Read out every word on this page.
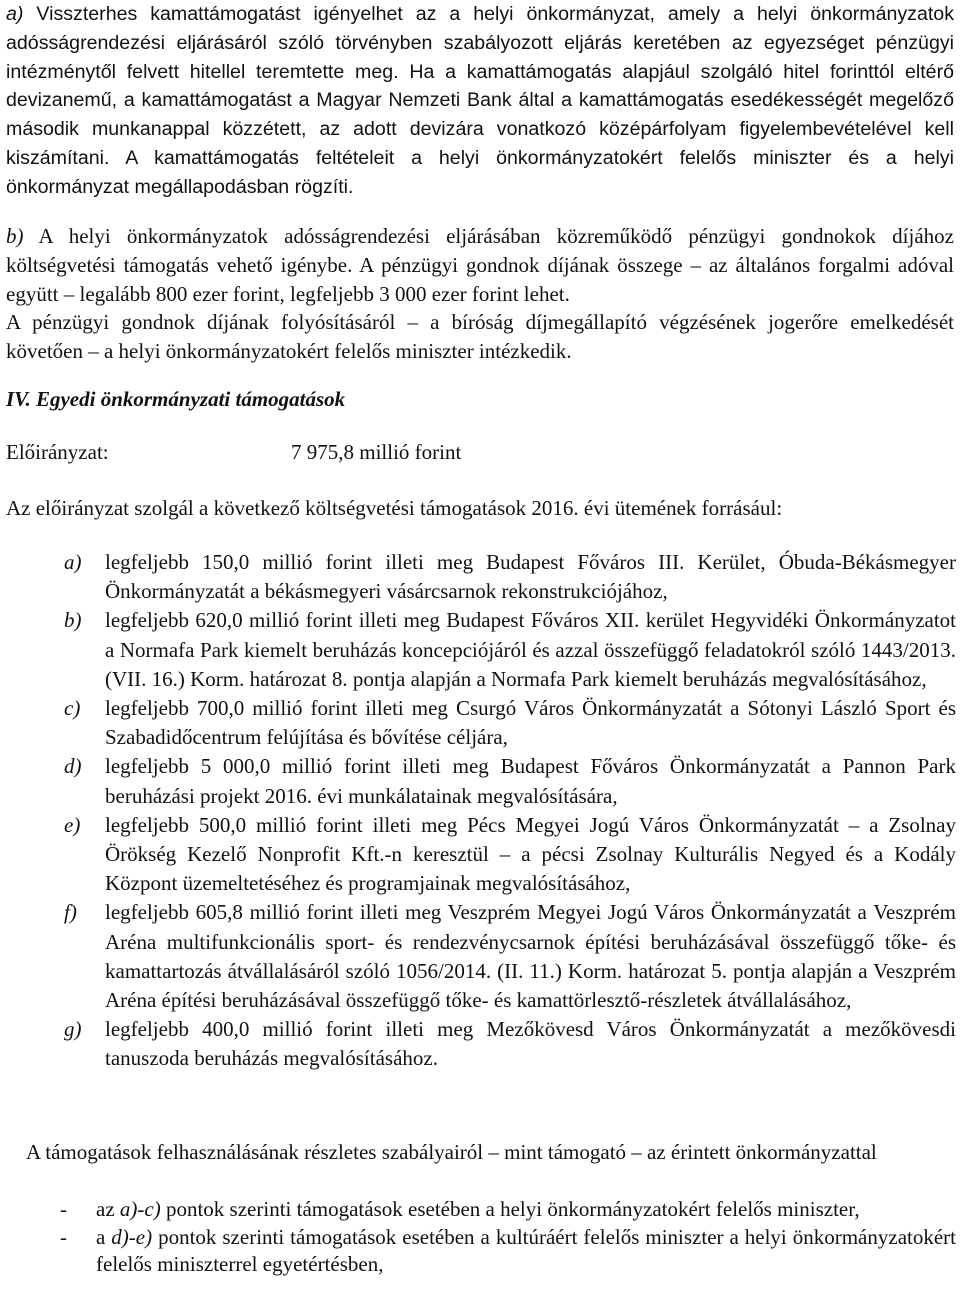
a) Visszterhes kamattámogatást igényelhet az a helyi önkormányzat, amely a helyi önkormányzatok adósságrendezési eljárásáról szóló törvényben szabályozott eljárás keretében az egyezséget pénzügyi intézménytől felvett hitellel teremtette meg. Ha a kamattámogatás alapjául szolgáló hitel forinttól eltérő devizanemű, a kamattámogatást a Magyar Nemzeti Bank által a kamattámogatás esedékességét megelőző második munkanappal közzétett, az adott devizára vonatkozó középárfolyam figyelembevételével kell kiszámítani. A kamattámogatás feltételeit a helyi önkormányzatokért felelős miniszter és a helyi önkormányzat megállapodásban rögzíti.

b) A helyi önkormányzatok adósságrendezési eljárásában közreműködő pénzügyi gondnokok díjához költségvetési támogatás vehető igénybe. A pénzügyi gondnok díjának összege – az általános forgalmi adóval együtt – legalább 800 ezer forint, legfeljebb 3 000 ezer forint lehet.

A pénzügyi gondnok díjának folyósításáról – a bíróság díjmegállapító végzésének jogerőre emelkedését követően – a helyi önkormányzatokért felelős miniszter intézkedik.

IV. Egyedi önkormányzati támogatások

Előirányzat:	7 975,8 millió forint
Az előirányzat szolgál a következő költségvetési támogatások 2016. évi ütemének forrásául:
a)	legfeljebb 150,0 millió forint illeti meg Budapest Főváros III. Kerület, Óbuda-Békásmegyer Önkormányzatát a békásmegyeri vásárcsarnok rekonstrukciójához,
b)	legfeljebb 620,0 millió forint illeti meg Budapest Főváros XII. kerület Hegyvidéki Önkormányzatot a Normafa Park kiemelt beruházás koncepciójáról és azzal összefüggő feladatokról szóló 1443/2013. (VII. 16.) Korm. határozat 8. pontja alapján a Normafa Park kiemelt beruházás megvalósításához,
c)	legfeljebb 700,0 millió forint illeti meg Csurgó Város Önkormányzatát a Sótonyi László Sport és Szabadidőcentrum felújítása és bővítése céljára,
d)	legfeljebb 5 000,0 millió forint illeti meg Budapest Főváros Önkormányzatát a Pannon Park beruházási projekt 2016. évi munkálatainak megvalósítására,
e)	legfeljebb 500,0 millió forint illeti meg Pécs Megyei Jogú Város Önkormányzatát – a Zsolnay Örökség Kezelő Nonprofit Kft.-n keresztül – a pécsi Zsolnay Kulturális Negyed és a Kodály Központ üzemeltetéséhez és programjainak megvalósításához,
f)	legfeljebb 605,8 millió forint illeti meg Veszprém Megyei Jogú Város Önkormányzatát a Veszprém Aréna multifunkcionális sport- és rendezvénycsarnok építési beruházásával összefüggő tőke- és kamattartozás átvállalásáról szóló 1056/2014. (II. 11.) Korm. határozat 5. pontja alapján a Veszprém Aréna építési beruházásával összefüggő tőke- és kamattörlesztő-részletek átvállalásához,
g)	legfeljebb 400,0 millió forint illeti meg Mezőkövesd Város Önkormányzatát a mezőkövesdi tanuszoda beruházás megvalósításához.

A támogatások felhasználásának részletes szabályairól – mint támogató – az érintett önkormányzattal

-	az a)-c) pontok szerinti támogatások esetében a helyi önkormányzatokért felelős miniszter,
-	a d)-e) pontok szerinti támogatások esetében a kultúráért felelős miniszter a helyi önkormányzatokért felelős miniszterrel egyetértésben,
